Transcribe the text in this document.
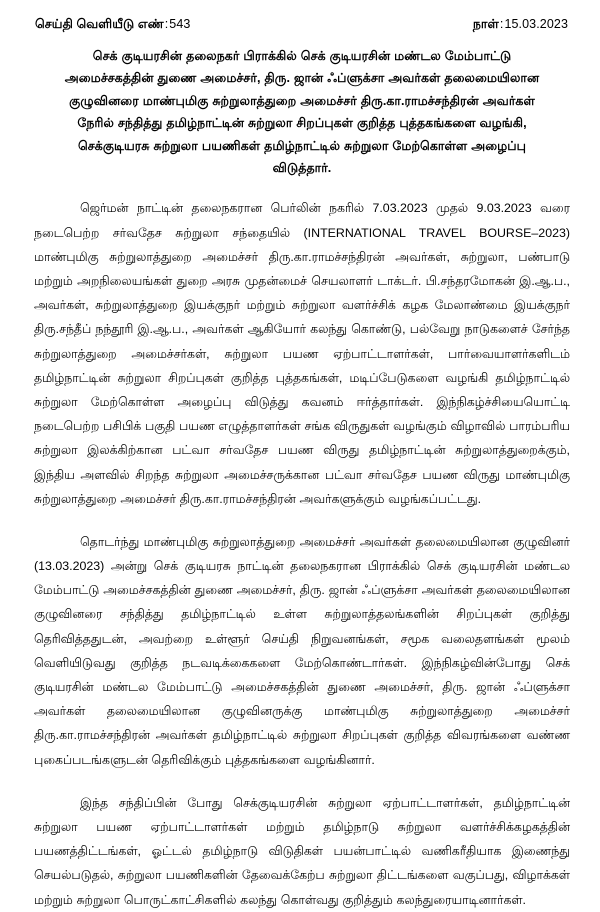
செய்தி வெளியீடு எண்:543	நாள்:15.03.2023
செக் குடியரசின் தலைநகர் பிராக்கில் செக் குடியரசின் மண்டல மேம்பாட்டு
அமைச்சகத்தின் துணை அமைச்சர், திரு. ஜான் ஃப்ளுக்சா அவர்கள் தலைமையிலான
குழுவினரை மாண்புமிகு சுற்றுலாத்துறை அமைச்சர் திரு.கா.ராமச்சந்திரன் அவர்கள்
நேரில் சந்தித்து தமிழ்நாட்டின் சுற்றுலா சிறப்புகள் குறித்த புத்தகங்களை வழங்கி,
செக்குடியரசு சுற்றுலா பயணிகள் தமிழ்நாட்டில் சுற்றுலா மேற்கொள்ள அழைப்பு
விடுத்தார்.

ஜெர்மன் நாட்டின் தலைநகரான பெர்லின் நகரில் 7.03.2023 முதல் 9.03.2023 வரை நடைபெற்ற சர்வதேச சுற்றுலா சந்தையில் (INTERNATIONAL TRAVEL BOURSE–2023) மாண்புமிகு சுற்றுலாத்துறை அமைச்சர் திரு.கா.ராமச்சந்திரன் அவர்கள், சுற்றுலா, பண்பாடு மற்றும் அறநிலையங்கள் துறை அரசு முதன்மைச் செயலாளர் டாக்டர். பி.சந்தரமோகன் இ.ஆ.ப., அவர்கள், சுற்றுலாத்துறை இயக்குநர் மற்றும் சுற்றுலா வளர்ச்சிக் கழக மேலாண்மை இயக்குநர் திரு.சந்தீப் நந்தூரி இ.ஆ.ப., அவர்கள் ஆகியோர் கலந்து கொண்டு, பல்வேறு நாடுகளைச் சேர்ந்த சுற்றுலாத்துறை அமைச்சர்கள், சுற்றுலா பயண ஏற்பாட்டாளர்கள், பார்வையாளர்களிடம் தமிழ்நாட்டின் சுற்றுலா சிறப்புகள் குறித்த புத்தகங்கள், மடிப்பேடுகளை வழங்கி தமிழ்நாட்டில் சுற்றுலா மேற்கொள்ள அழைப்பு விடுத்து கவனம் ஈர்த்தார்கள். இந்நிகழ்ச்சியையொட்டி நடைபெற்ற பசிபிக் பகுதி பயண எழுத்தாளர்கள் சங்க விருதுகள் வழங்கும் விழாவில் பாரம்பரிய சுற்றுலா இலக்கிற்கான பட்வா சர்வதேச பயண விருது தமிழ்நாட்டின் சுற்றுலாத்துறைக்கும், இந்திய அளவில் சிறந்த சுற்றுலா அமைச்சருக்கான பட்வா சர்வதேச பயண விருது மாண்புமிகு சுற்றுலாத்துறை அமைச்சர் திரு.கா.ராமச்சந்திரன் அவர்களுக்கும் வழங்கப்பட்டது.

தொடர்ந்து மாண்புமிகு சுற்றுலாத்துறை அமைச்சர் அவர்கள் தலைமையிலான குழுவினர் (13.03.2023) அன்று செக் குடியரசு நாட்டின் தலைநகரான பிராக்கில் செக் குடியரசின் மண்டல மேம்பாட்டு அமைச்சகத்தின் துணை அமைச்சர், திரு. ஜான் ஃப்ளுக்சா அவர்கள் தலைமையிலான குழுவினரை சந்தித்து தமிழ்நாட்டில் உள்ள சுற்றுலாத்தலங்களின் சிறப்புகள் குறித்து தெரிவித்ததுடன், அவற்றை உள்ளூர் செய்தி நிறுவனங்கள், சமூக வலைதளங்கள் மூலம் வெளியிடுவது குறித்த நடவடிக்கைகளை மேற்கொண்டார்கள். இந்நிகழ்வின்போது செக் குடியரசின் மண்டல மேம்பாட்டு அமைச்சகத்தின் துணை அமைச்சர், திரு. ஜான் ஃப்ளுக்சா அவர்கள் தலைமையிலான குழுவினருக்கு மாண்புமிகு சுற்றுலாத்துறை அமைச்சர் திரு.கா.ராமச்சந்திரன் அவர்கள் தமிழ்நாட்டில் சுற்றுலா சிறப்புகள் குறித்த விவரங்களை வண்ண புகைப்படங்களுடன் தெரிவிக்கும் புத்தகங்களை வழங்கினார்.

இந்த சந்திப்பின் போது செக்குடியரசின் சுற்றுலா ஏற்பாட்டாளர்கள், தமிழ்நாட்டின் சுற்றுலா பயண ஏற்பாட்டாளர்கள் மற்றும் தமிழ்நாடு சுற்றுலா வளர்ச்சிக்கழகத்தின் பயணத்திட்டங்கள், ஓட்டல் தமிழ்நாடு விடுதிகள் பயன்பாட்டில் வணிகரீதியாக இணைந்து செயல்படுதல், சுற்றுலா பயணிகளின் தேவைக்கேற்ப சுற்றுலா திட்டங்களை வகுப்பது, விழாக்கள் மற்றும் சுற்றுலா பொருட்காட்சிகளில் கலந்து கொள்வது குறித்தும் கலந்துரையாடினார்கள்.
